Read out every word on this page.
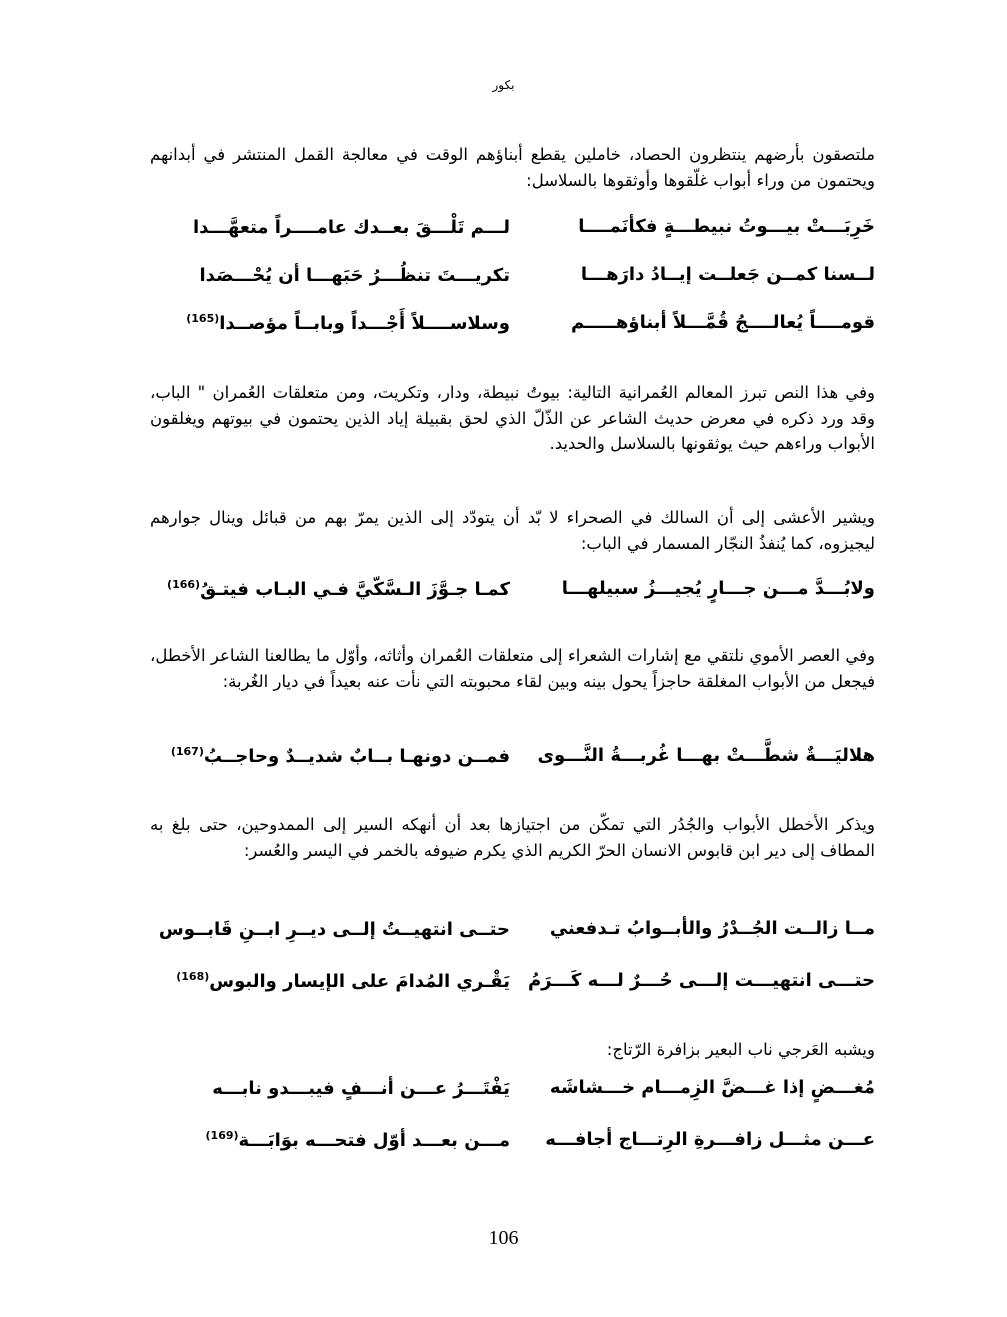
بكور
ملتصقون بأرضهم ينتظرون الحصاد، خاملين يقطع أبناؤهم الوقت في معالجة القمل المنتشر في أبدانهم ويحتمون من وراء أبواب غلّقوها وأوثقوها بالسلاسل:
خَرِبَـــتْ بيـــوتُ نبيطـــةٍ فكأنَمــــا
لـــم تَلْـــقَ بعــدك عامــــراً متعهَّـــدا
لــسنا كمــن جَعلــت إيــادُ دارَهـــا
تكريـــتَ تنظُـــرُ حَبَهـــا أن يُحْـــصَدا
قومــــاً يُعالــــجُ قُمَّـــلاً أبناؤهـــــم
وسلاســــلاً أَجْـــداً وبابــاً مؤصــدا$^{(165)}$
وفي هذا النص تبرز المعالم العُمرانية التالية: بيوتُ نبيطة، ودار، وتكريت، ومن متعلقات العُمران " الباب، وقد ورد ذكره في معرض حديث الشاعر عن الذّلّ الذي لحق بقبيلة إياد الذين يحتمون في بيوتهم ويغلقون الأبواب وراءهم حيث يوثقونها بالسلاسل والحديد.
ويشير الأعشى إلى أن السالك في الصحراء لا بّد أن يتودّد إلى الذين يمرّ بهم من قبائل وينال جوارهم ليجيزوه، كما يُنفذُ النجّار المسمار في الباب:
ولابُـــدَّ مـــن جـــارٍ يُجيـــزُ سبيلهـــا
كمـا جـوَّزَ الـسَّكّيَّ فـي البـاب فيتـقُ$^{(166)}$
وفي العصر الأموي نلتقي مع إشارات الشعراء إلى متعلقات العُمران وأثاثه، وأوّل ما يطالعنا الشاعر الأخطل، فيجعل من الأبواب المغلقة حاجزاً يحول بينه وبين لقاء محبوبته التي نأت عنه بعيداً في ديار الغُربة:
هلاليَـــةٌ شطَّـــتْ بهـــا غُربـــةُ النَّـــوى
فمــن دونهـا بــابٌ شديــدٌ وحاجــبُ$^{(167)}$
ويذكر الأخطل الأبواب والجُدُر التي تمكّن من اجتيازها بعد أن أنهكه السير إلى الممدوحين، حتى بلغ به المطاف إلى دير ابن قابوس الانسان الحرّ الكريم الذي يكرم ضيوفه بالخمر في اليسر والعُسر:
مــا زالــت الجُــدْرُ والأبــوابُ تـدفعني
حتــى انتهيــتُ إلــى ديــرِ ابــنِ قَابــوس
حتـــى انتهيـــت إلـــى حُـــرٌ لـــه كَـــرَمُ
يَقْـري المُدامَ على الإيسار والبوس$^{(168)}$
ويشبه العَرجي ناب البعير بزافرة الرّتاج:
مُغـــضٍ إذا غـــضَّ الزِمـــام خـــشاشَه
يَفْتَـــرُ عـــن أنـــفٍ فيبـــدو نابـــه
عـــن مثـــل زافـــرةِ الرِتـــاج أجافـــه
مـــن بعـــد أوّل فتحـــه بوَابَـــة$^{(169)}$
106
